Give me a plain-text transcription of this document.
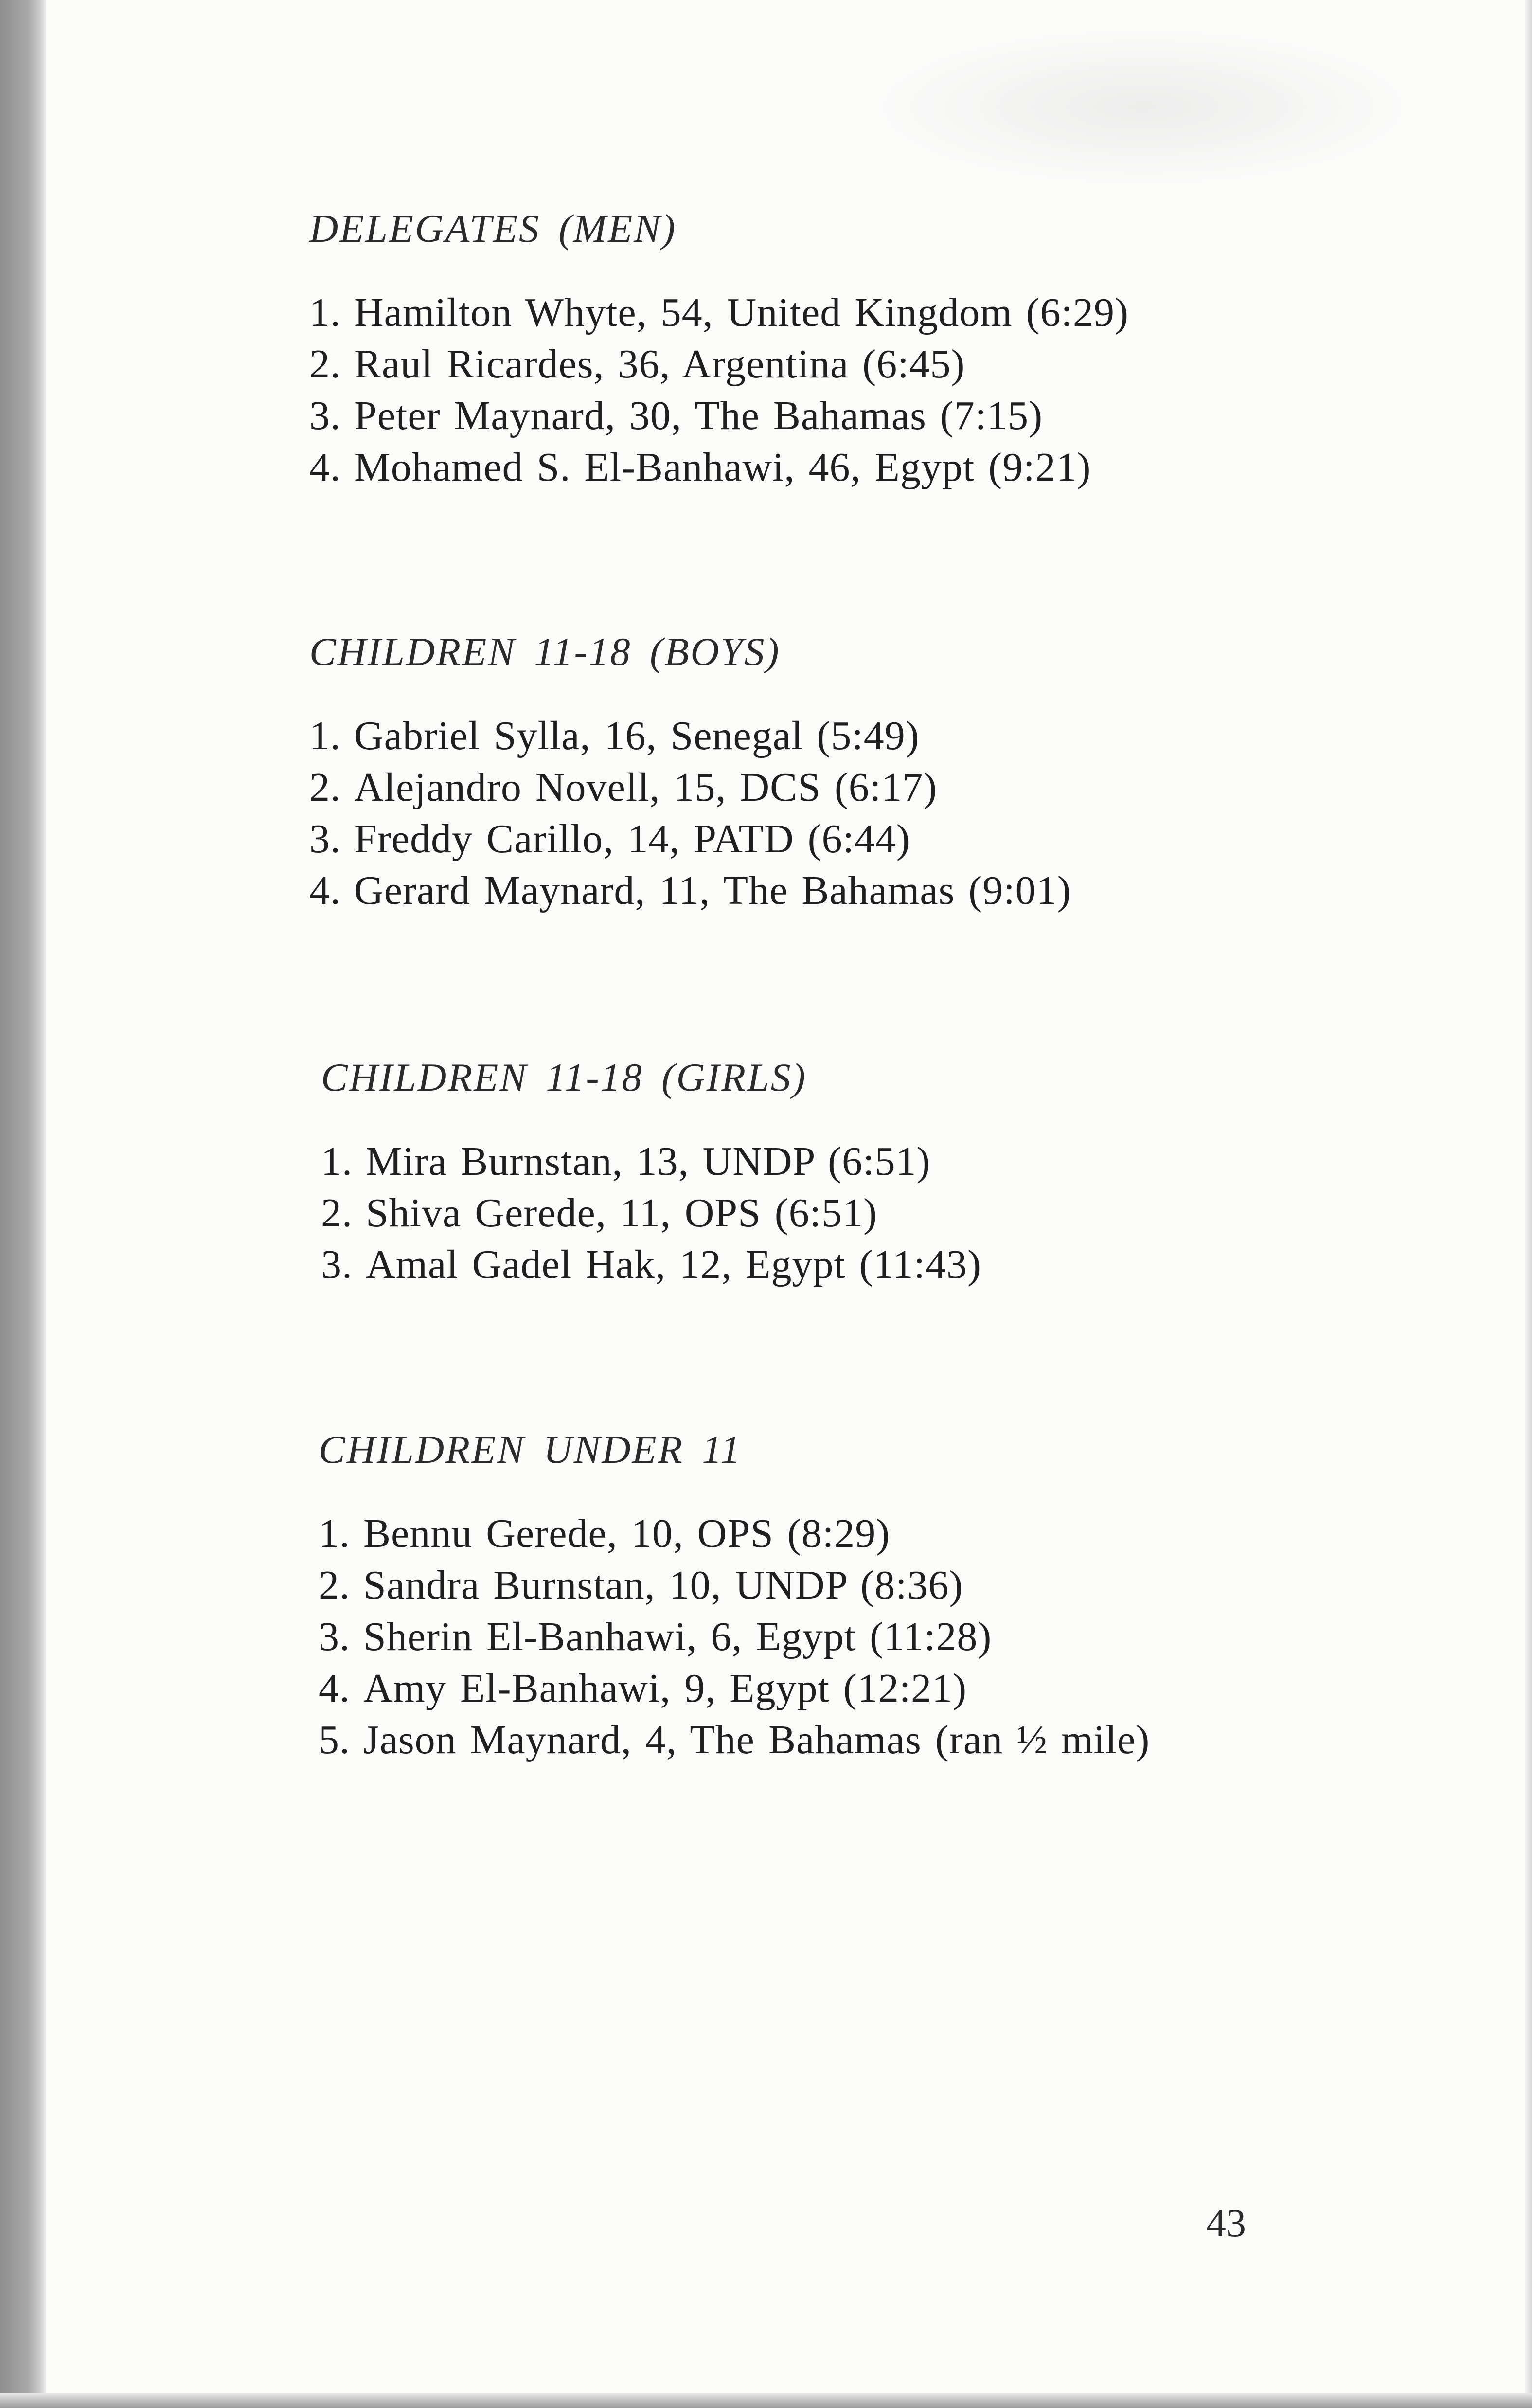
DELEGATES (MEN)
1. Hamilton Whyte, 54, United Kingdom (6:29)
2. Raul Ricardes, 36, Argentina (6:45)
3. Peter Maynard, 30, The Bahamas (7:15)
4. Mohamed S. El-Banhawi, 46, Egypt (9:21)
CHILDREN 11-18 (BOYS)
1. Gabriel Sylla, 16, Senegal (5:49)
2. Alejandro Novell, 15, DCS (6:17)
3. Freddy Carillo, 14, PATD (6:44)
4. Gerard Maynard, 11, The Bahamas (9:01)
CHILDREN 11-18 (GIRLS)
1. Mira Burnstan, 13, UNDP (6:51)
2. Shiva Gerede, 11, OPS (6:51)
3. Amal Gadel Hak, 12, Egypt (11:43)
CHILDREN UNDER 11
1. Bennu Gerede, 10, OPS (8:29)
2. Sandra Burnstan, 10, UNDP (8:36)
3. Sherin El-Banhawi, 6, Egypt (11:28)
4. Amy El-Banhawi, 9, Egypt (12:21)
5. Jason Maynard, 4, The Bahamas (ran ½ mile)
43
